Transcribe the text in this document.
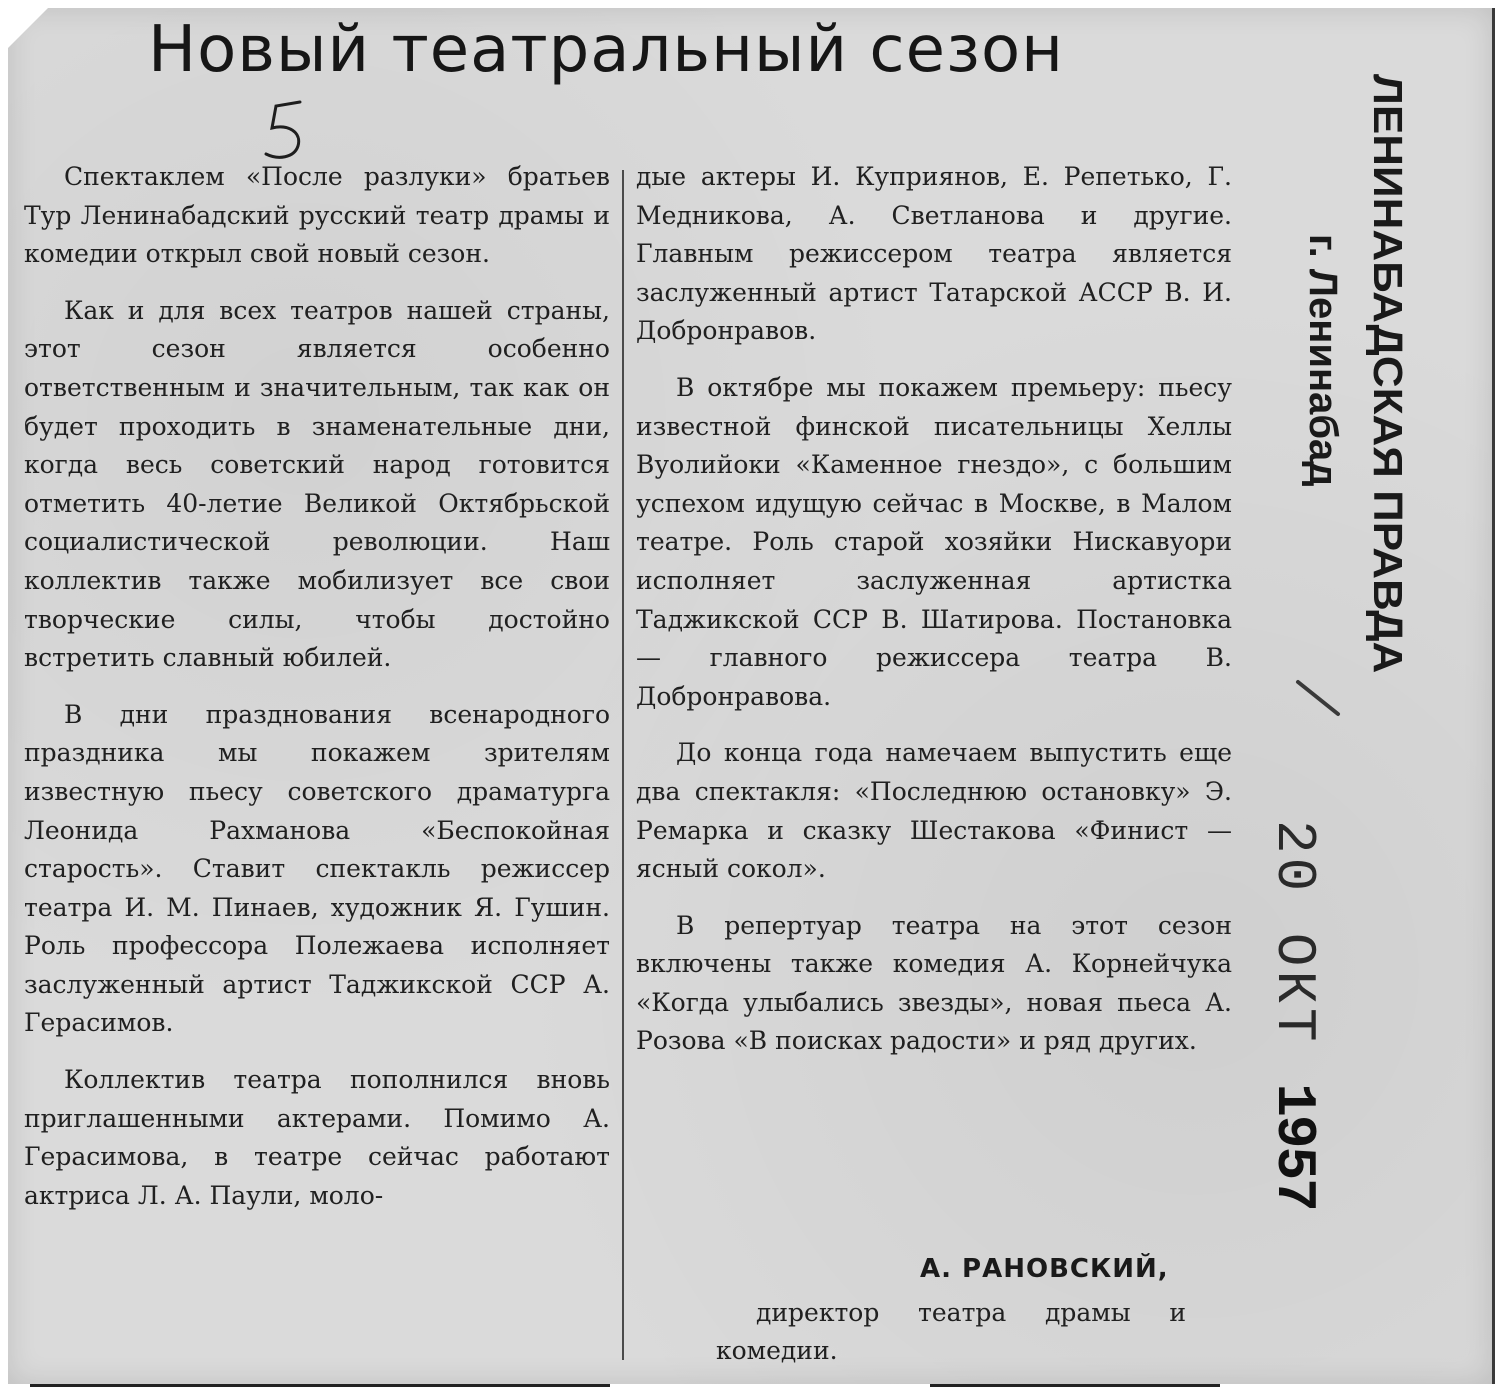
Новый театральный сезон

Спектаклем «После разлуки» братьев Тур Ленинабадский русский театр драмы и комедии открыл свой новый сезон.

Как и для всех театров нашей страны, этот сезон является особенно ответственным и значительным, так как он будет проходить в знаменательные дни, когда весь советский народ готовится отметить 40-летие Великой Октябрьской социалистической революции. Наш коллектив также мобилизует все свои творческие силы, чтобы достойно встретить славный юбилей.

В дни празднования всенародного праздника мы покажем зрителям известную пьесу советского драматурга Леонида Рахманова «Беспокойная старость». Ставит спектакль режиссер театра И. М. Пинаев, художник Я. Гушин. Роль профессора Полежаева исполняет заслуженный артист Таджикской ССР А. Герасимов.

Коллектив театра пополнился вновь приглашенными актерами. Помимо А. Герасимова, в театре сейчас работают актриса Л. А. Паули, моло-

дые актеры И. Куприянов, Е. Репетько, Г. Медникова, А. Светланова и другие. Главным режиссером театра является заслуженный артист Татарской АССР В. И. Добронравов.

В октябре мы покажем премьеру: пьесу известной финской писательницы Хеллы Вуолийоки «Каменное гнездо», с большим успехом идущую сейчас в Москве, в Малом театре. Роль старой хозяйки Нискавуори исполняет заслуженная артистка Таджикской ССР В. Шатирова. Постановка — главного режиссера театра В. Добронравова.

До конца года намечаем выпустить еще два спектакля: «Последнюю остановку» Э. Ремарка и сказку Шестакова «Финист — ясный сокол».

В репертуар театра на этот сезон включены также комедия А. Корнейчука «Когда улыбались звезды», новая пьеса А. Розова «В поисках радости» и ряд других.

А. РАНОВСКИЙ,
директор театра драмы и комедии.
ЛЕНИНАБАДСКАЯ ПРАВДА
г. Ленинабад
20 ОКТ 1957
